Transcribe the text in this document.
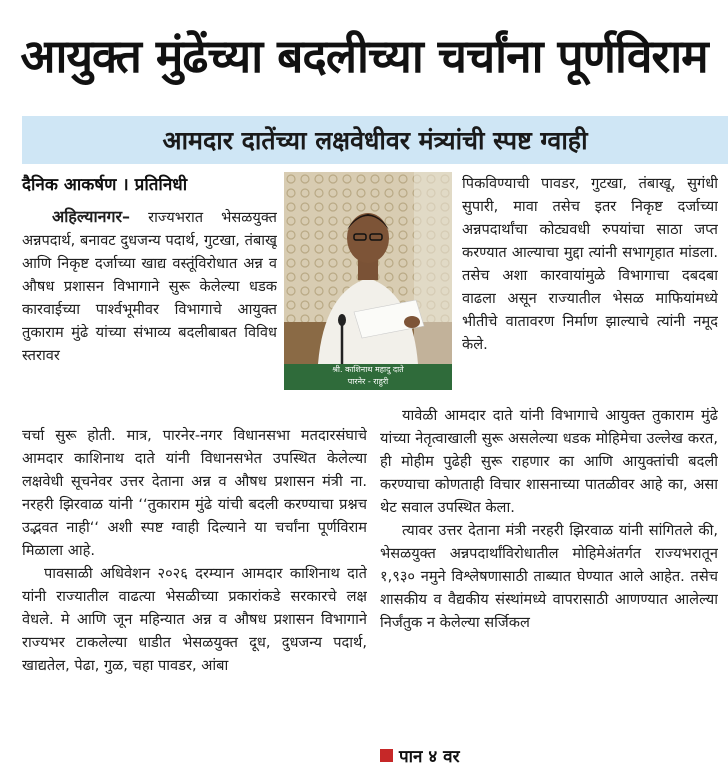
आयुक्त मुंढेंच्या बदलीच्या चर्चांना पूर्णविराम
आमदार दातेंच्या लक्षवेधीवर मंत्र्यांची स्पष्ट ग्वाही
दैनिक आकर्षण । प्रतिनिधी

अहिल्यानगर– राज्यभरात भेसळयुक्त अन्नपदार्थ, बनावट दुधजन्य पदार्थ, गुटखा, तंबाखू आणि निकृष्ट दर्जाच्या खाद्य वस्तूंविरोधात अन्न व औषध प्रशासन विभागाने सुरू केलेल्या धडक कारवाईच्या पार्श्वभूमीवर विभागाचे आयुक्त तुकाराम मुंढे यांच्या संभाव्य बदलीबाबत विविध स्तरावर

श्री. काशिनाथ महादु दाते
पारनेर - राहुरी

पिकविण्याची पावडर, गुटखा, तंबाखू, सुगंधी सुपारी, मावा तसेच इतर निकृष्ट दर्जाच्या अन्नपदार्थांचा कोट्यवधी रुपयांचा साठा जप्त करण्यात आल्याचा मुद्दा त्यांनी सभागृहात मांडला. तसेच अशा कारवायांमुळे विभागाचा दबदबा वाढला असून राज्यातील भेसळ माफियांमध्ये भीतीचे वातावरण निर्माण झाल्याचे त्यांनी नमूद केले.

चर्चा सुरू होती. मात्र, पारनेर-नगर विधानसभा मतदारसंघाचे आमदार काशिनाथ दाते यांनी विधानसभेत उपस्थित केलेल्या लक्षवेधी सूचनेवर उत्तर देताना अन्न व औषध प्रशासन मंत्री ना. नरहरी झिरवाळ यांनी ‘‘तुकाराम मुंढे यांची बदली करण्याचा प्रश्नच उद्भवत नाही‘‘ अशी स्पष्ट ग्वाही दिल्याने या चर्चांना पूर्णविराम मिळाला आहे.

पावसाळी अधिवेशन २०२६ दरम्यान आमदार काशिनाथ दाते यांनी राज्यातील वाढत्या भेसळीच्या प्रकारांकडे सरकारचे लक्ष वेधले. मे आणि जून महिन्यात अन्न व औषध प्रशासन विभागाने राज्यभर टाकलेल्या धाडीत भेसळयुक्त दूध, दुधजन्य पदार्थ, खाद्यतेल, पेढा, गुळ, चहा पावडर, आंबा

यावेळी आमदार दाते यांनी विभागाचे आयुक्त तुकाराम मुंढे यांच्या नेतृत्वाखाली सुरू असलेल्या धडक मोहिमेचा उल्लेख करत, ही मोहीम पुढेही सुरू राहणार का आणि आयुक्तांची बदली करण्याचा कोणताही विचार शासनाच्या पातळीवर आहे का, असा थेट सवाल उपस्थित केला.

त्यावर उत्तर देताना मंत्री नरहरी झिरवाळ यांनी सांगितले की, भेसळयुक्त अन्नपदार्थांविरोधातील मोहिमेअंतर्गत राज्यभरातून १,९३० नमुने विश्लेषणासाठी ताब्यात घेण्यात आले आहेत. तसेच शासकीय व वैद्यकीय संस्थांमध्ये वापरासाठी आणण्यात आलेल्या निर्जंतुक न केलेल्या सर्जिकल

पान ४ वर
